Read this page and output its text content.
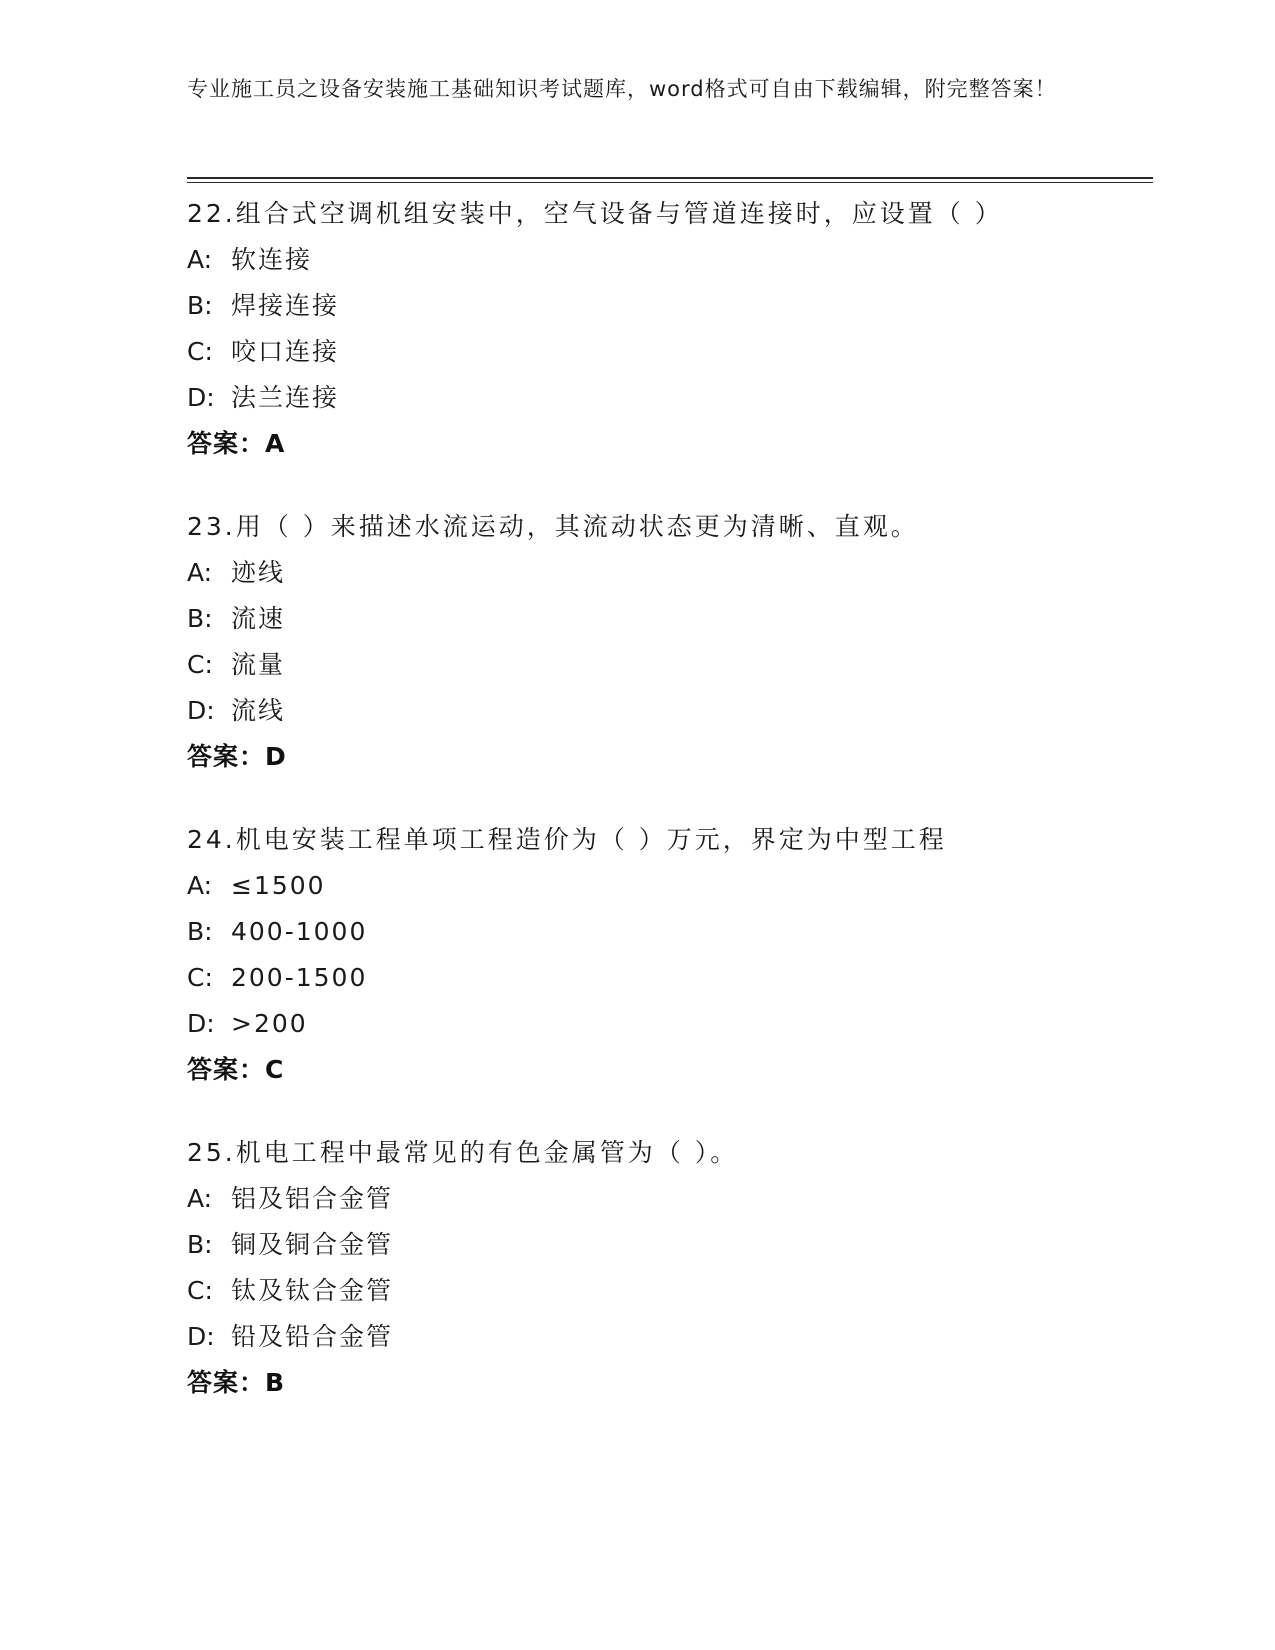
专业施工员之设备安装施工基础知识考试题库，word格式可自由下载编辑，附完整答案！
22.组合式空调机组安装中，空气设备与管道连接时，应设置（ ）
A: 软连接
B: 焊接连接
C: 咬口连接
D: 法兰连接
答案：A
23.用（ ）来描述水流运动，其流动状态更为清晰、直观。
A: 迹线
B: 流速
C: 流量
D: 流线
答案：D
24.机电安装工程单项工程造价为（ ）万元，界定为中型工程
A: ≤1500
B: 400-1000
C: 200-1500
D: >200
答案：C
25.机电工程中最常见的有色金属管为（ ）。
A: 铝及铝合金管
B: 铜及铜合金管
C: 钛及钛合金管
D: 铅及铅合金管
答案：B
